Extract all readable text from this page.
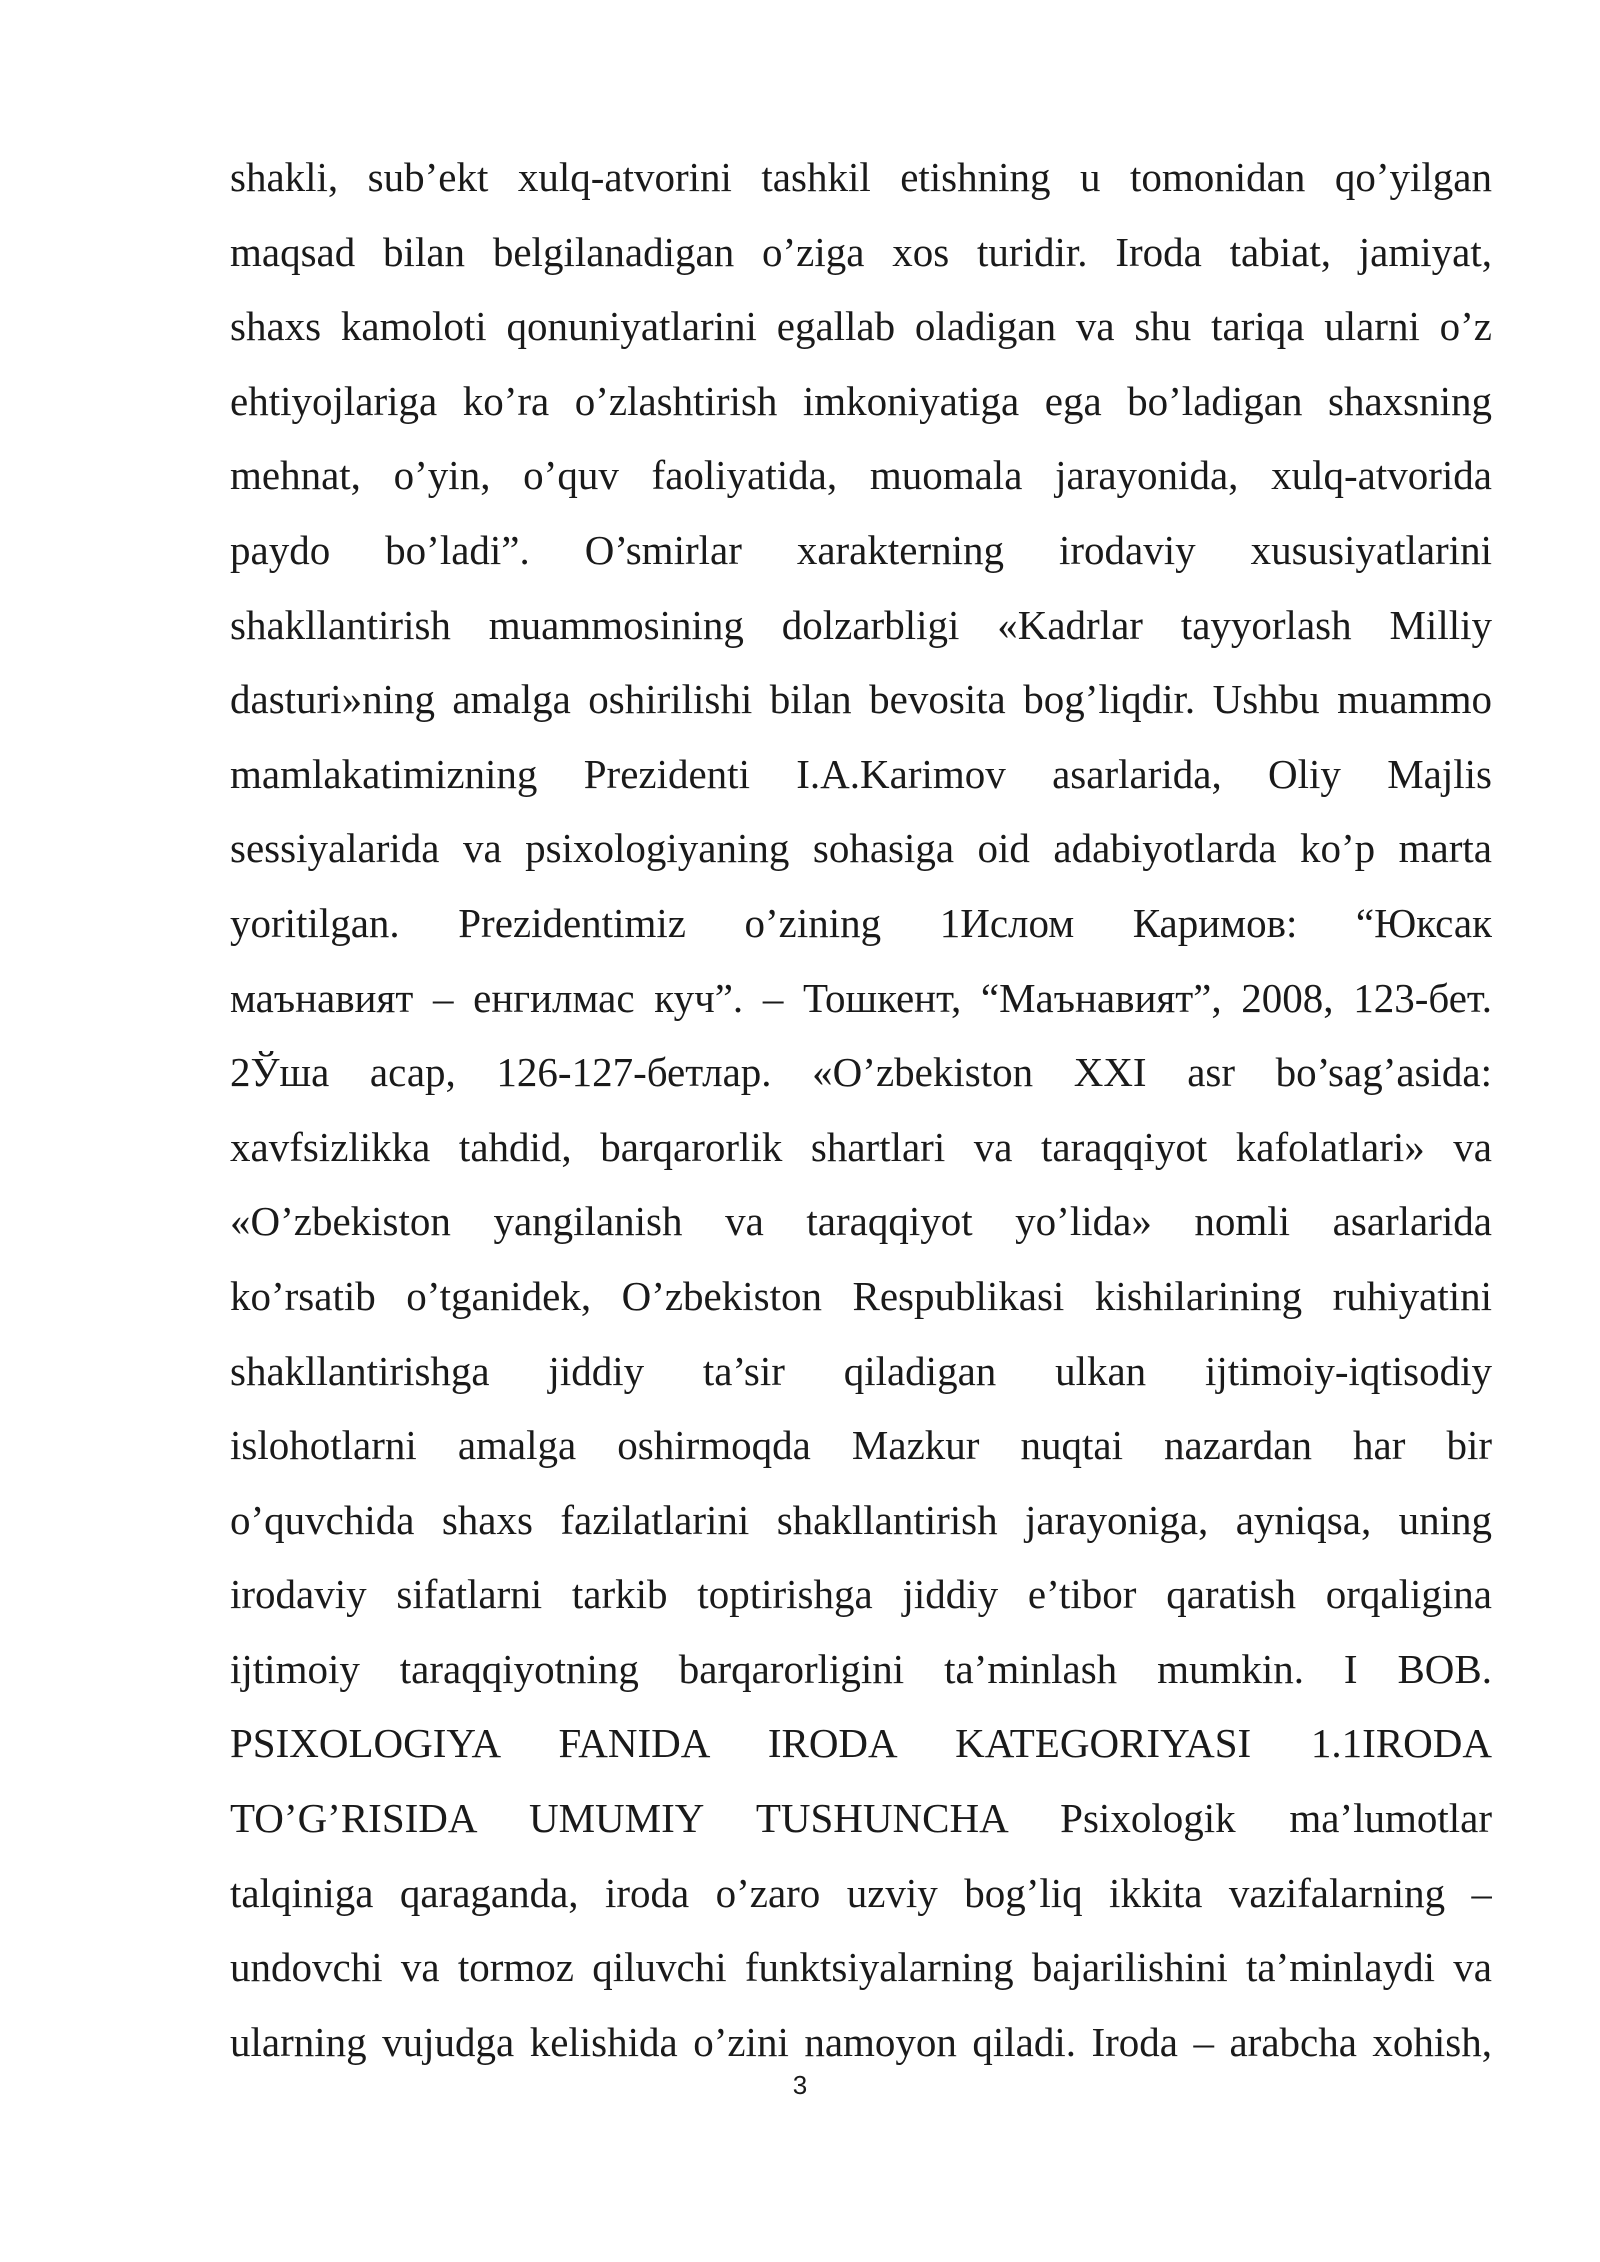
shakli, sub’ekt xulq-atvorini tashkil etishning u tomonidan qo’yilgan
maqsad bilan belgilanadigan o’ziga xos turidir. Iroda tabiat, jamiyat,
shaxs kamoloti qonuniyatlarini egallab oladigan va shu tariqa ularni o’z
ehtiyojlariga ko’ra o’zlashtirish imkoniyatiga ega bo’ladigan shaxsning
mehnat, o’yin, o’quv faoliyatida, muomala jarayonida, xulq-atvorida
paydo bo’ladi”. O’smirlar xarakterning irodaviy xususiyatlarini
shakllantirish muammosining dolzarbligi «Kadrlar tayyorlash Milliy
dasturi»ning amalga oshirilishi bilan bevosita bog’liqdir. Ushbu muammo
mamlakatimizning Prezidenti I.A.Karimov asarlarida, Oliy Majlis
sessiyalarida va psixologiyaning sohasiga oid adabiyotlarda ko’p marta
yoritilgan. Prezidentimiz o’zining 1Ислом Каримов: “Юксак
маънавият – енгилмас куч”. – Тошкент, “Маънавият”, 2008, 123-бет.
2Ўша асар, 126-127-бетлар. «O’zbekiston XXI asr bo’sag’asida:
xavfsizlikka tahdid, barqarorlik shartlari va taraqqiyot kafolatlari» va
«O’zbekiston yangilanish va taraqqiyot yo’lida» nomli asarlarida
ko’rsatib o’tganidek, O’zbekiston Respublikasi kishilarining ruhiyatini
shakllantirishga jiddiy ta’sir qiladigan ulkan ijtimoiy-iqtisodiy
islohotlarni amalga oshirmoqda Mazkur nuqtai nazardan har bir
o’quvchida shaxs fazilatlarini shakllantirish jarayoniga, ayniqsa, uning
irodaviy sifatlarni tarkib toptirishga jiddiy e’tibor qaratish orqaligina
ijtimoiy taraqqiyotning barqarorligini ta’minlash mumkin. I BOB.
PSIXOLOGIYA FANIDA IRODA KATEGORIYASI 1.1IRODA
TO’G’RISIDA UMUMIY TUSHUNCHA Psixologik ma’lumotlar
talqiniga qaraganda, iroda o’zaro uzviy bog’liq ikkita vazifalarning –
undovchi va tormoz qiluvchi funktsiyalarning bajarilishini ta’minlaydi va
ularning vujudga kelishida o’zini namoyon qiladi. Iroda – arabcha xohish,
3
